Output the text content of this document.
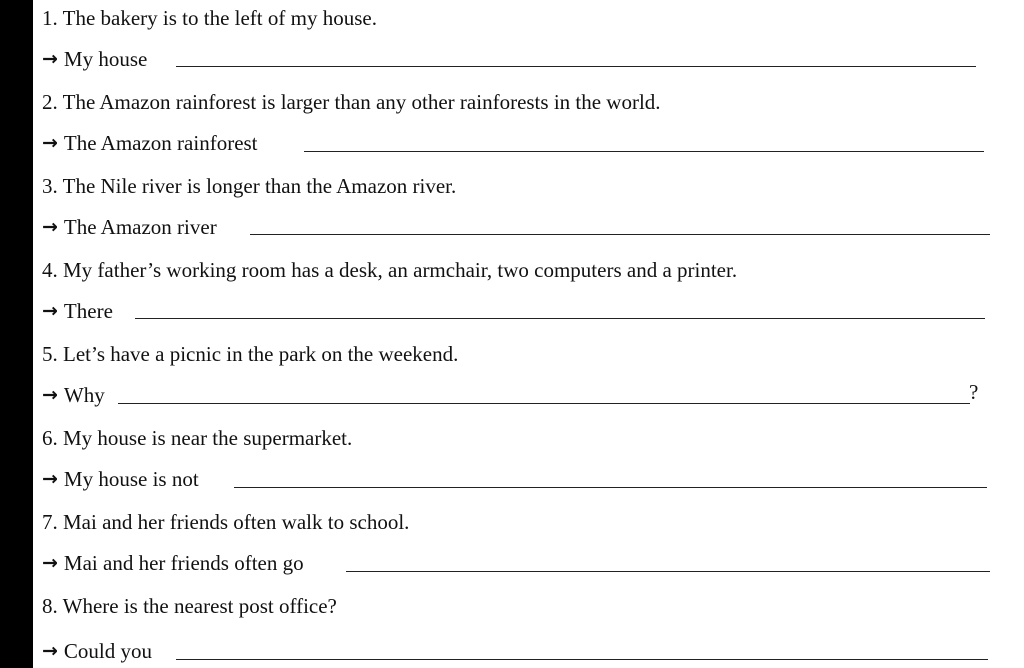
1. The bakery is to the left of my house.
→ My house
2. The Amazon rainforest is larger than any other rainforests in the world.
→ The Amazon rainforest
3. The Nile river is longer than the Amazon river.
→ The Amazon river
4. My father’s working room has a desk, an armchair, two computers and a printer.
→ There
5. Let’s have a picnic in the park on the weekend.
→ Why	?
6. My house is near the supermarket.
→ My house is not
7. Mai and her friends often walk to school.
→ Mai and her friends often go
8. Where is the nearest post office?
→ Could you
